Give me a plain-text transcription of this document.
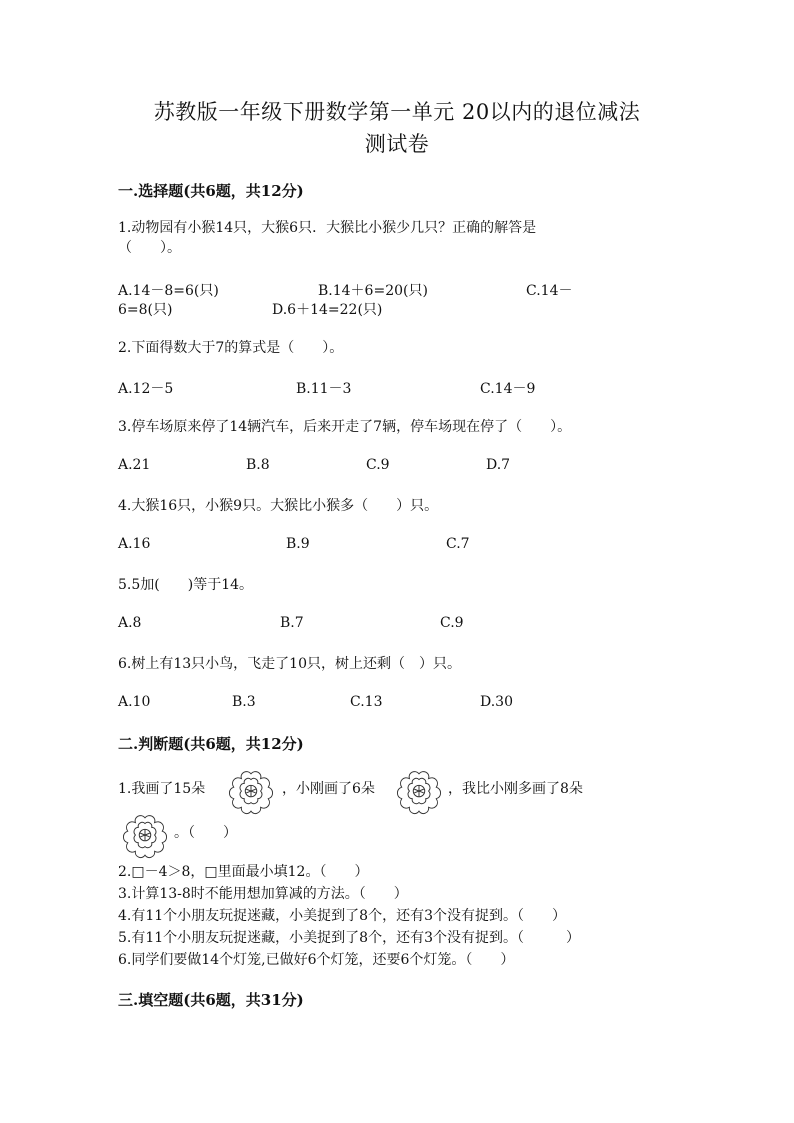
苏教版一年级下册数学第一单元 20以内的退位减法
测试卷
一.选择题(共6题，共12分)
1.动物园有小猴14只，大猴6只．大猴比小猴少几只？正确的解答是
（　　）。
A.14－8=6(只)	B.14＋6=20(只)	C.14－
6=8(只)	D.6＋14=22(只)
2.下面得数大于7的算式是（　　）。
A.12－5	B.11－3	C.14－9
3.停车场原来停了14辆汽车，后来开走了7辆，停车场现在停了（　　）。
A.21	B.8	C.9	D.7
4.大猴16只，小猴9只。大猴比小猴多（　　）只。
A.16	B.9	C.7
5.5加(　　)等于14。
A.8	B.7	C.9
6.树上有13只小鸟，飞走了10只，树上还剩（　）只。
A.10	B.3	C.13	D.30
二.判断题(共6题，共12分)
1.我画了15朵	，小刚画了6朵	，我比小刚多画了8朵
。（　　）
2.□－4＞8，□里面最小填12。（　　）
3.计算13-8时不能用想加算减的方法。（　　）
4.有11个小朋友玩捉迷藏，小美捉到了8个，还有3个没有捉到。（　　）
5.有11个小朋友玩捉迷藏，小美捉到了8个，还有3个没有捉到。（　　　）
6.同学们要做14个灯笼,已做好6个灯笼，还要6个灯笼。（　　）
三.填空题(共6题，共31分)
